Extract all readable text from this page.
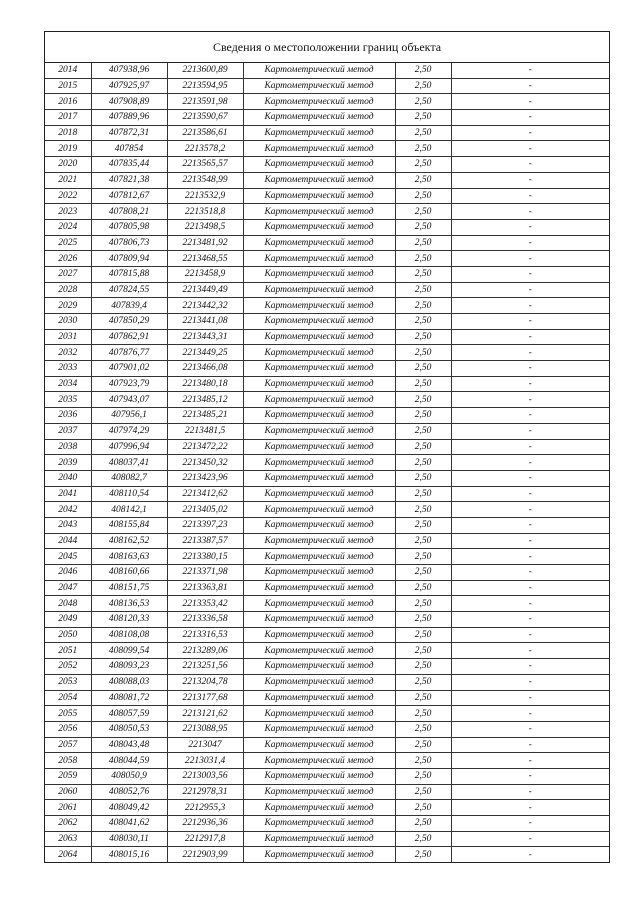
Сведения о местоположении границ объекта
2014	407938,96	2213600,89	Картометрический метод	2,50	-
2015	407925,97	2213594,95	Картометрический метод	2,50	-
2016	407908,89	2213591,98	Картометрический метод	2,50	-
2017	407889,96	2213590,67	Картометрический метод	2,50	-
2018	407872,31	2213586,61	Картометрический метод	2,50	-
2019	407854	2213578,2	Картометрический метод	2,50	-
2020	407835,44	2213565,57	Картометрический метод	2,50	-
2021	407821,38	2213548,99	Картометрический метод	2,50	-
2022	407812,67	2213532,9	Картометрический метод	2,50	-
2023	407808,21	2213518,8	Картометрический метод	2,50	-
2024	407805,98	2213498,5	Картометрический метод	2,50	-
2025	407806,73	2213481,92	Картометрический метод	2,50	-
2026	407809,94	2213468,55	Картометрический метод	2,50	-
2027	407815,88	2213458,9	Картометрический метод	2,50	-
2028	407824,55	2213449,49	Картометрический метод	2,50	-
2029	407839,4	2213442,32	Картометрический метод	2,50	-
2030	407850,29	2213441,08	Картометрический метод	2,50	-
2031	407862,91	2213443,31	Картометрический метод	2,50	-
2032	407876,77	2213449,25	Картометрический метод	2,50	-
2033	407901,02	2213466,08	Картометрический метод	2,50	-
2034	407923,79	2213480,18	Картометрический метод	2,50	-
2035	407943,07	2213485,12	Картометрический метод	2,50	-
2036	407956,1	2213485,21	Картометрический метод	2,50	-
2037	407974,29	2213481,5	Картометрический метод	2,50	-
2038	407996,94	2213472,22	Картометрический метод	2,50	-
2039	408037,41	2213450,32	Картометрический метод	2,50	-
2040	408082,7	2213423,96	Картометрический метод	2,50	-
2041	408110,54	2213412,62	Картометрический метод	2,50	-
2042	408142,1	2213405,02	Картометрический метод	2,50	-
2043	408155,84	2213397,23	Картометрический метод	2,50	-
2044	408162,52	2213387,57	Картометрический метод	2,50	-
2045	408163,63	2213380,15	Картометрический метод	2,50	-
2046	408160,66	2213371,98	Картометрический метод	2,50	-
2047	408151,75	2213363,81	Картометрический метод	2,50	-
2048	408136,53	2213353,42	Картометрический метод	2,50	-
2049	408120,33	2213336,58	Картометрический метод	2,50	-
2050	408108,08	2213316,53	Картометрический метод	2,50	-
2051	408099,54	2213289,06	Картометрический метод	2,50	-
2052	408093,23	2213251,56	Картометрический метод	2,50	-
2053	408088,03	2213204,78	Картометрический метод	2,50	-
2054	408081,72	2213177,68	Картометрический метод	2,50	-
2055	408057,59	2213121,62	Картометрический метод	2,50	-
2056	408050,53	2213088,95	Картометрический метод	2,50	-
2057	408043,48	2213047	Картометрический метод	2,50	-
2058	408044,59	2213031,4	Картометрический метод	2,50	-
2059	408050,9	2213003,56	Картометрический метод	2,50	-
2060	408052,76	2212978,31	Картометрический метод	2,50	-
2061	408049,42	2212955,3	Картометрический метод	2,50	-
2062	408041,62	2212936,36	Картометрический метод	2,50	-
2063	408030,11	2212917,8	Картометрический метод	2,50	-
2064	408015,16	2212903,99	Картометрический метод	2,50	-
